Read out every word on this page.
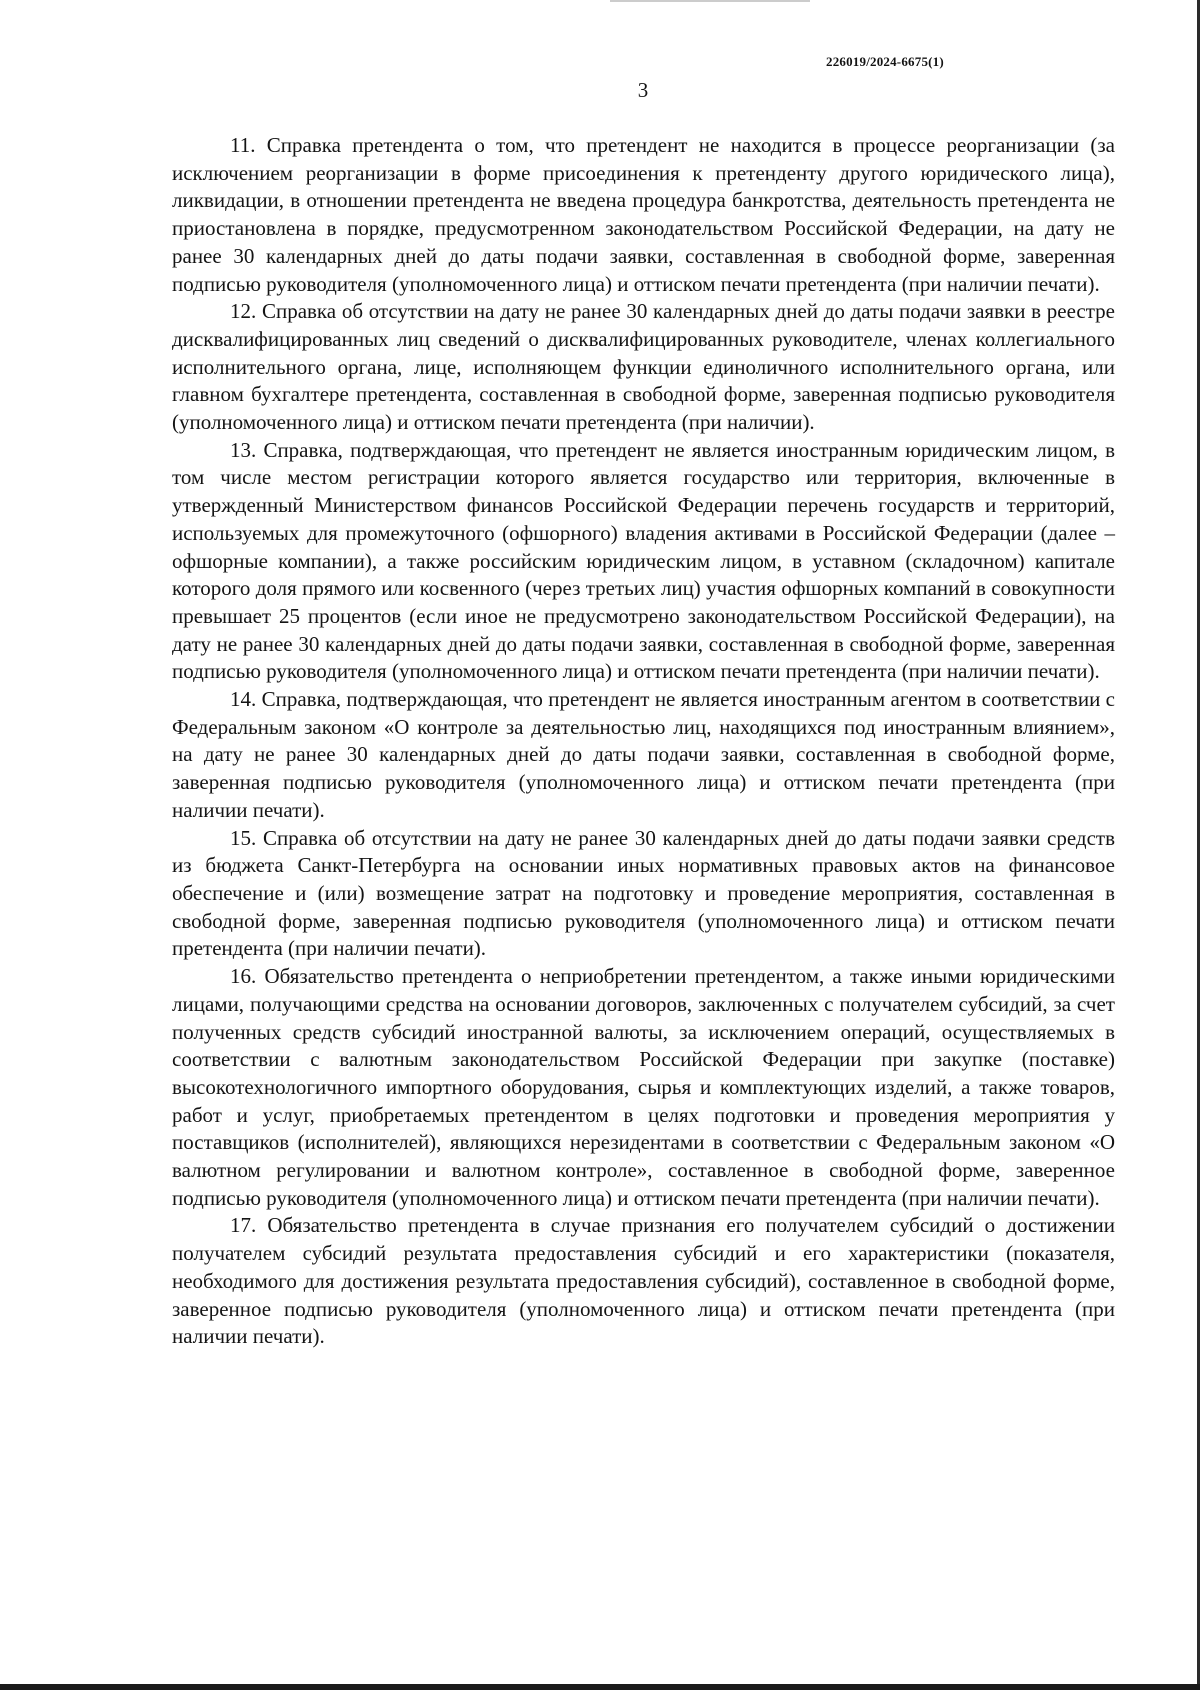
226019/2024-6675(1)
3

11. Справка претендента о том, что претендент не находится в процессе реорганизации (за исключением реорганизации в форме присоединения к претенденту другого юридического лица), ликвидации, в отношении претендента не введена процедура банкротства, деятельность претендента не приостановлена в порядке, предусмотренном законодательством Российской Федерации, на дату не ранее 30 календарных дней до даты подачи заявки, составленная в свободной форме, заверенная подписью руководителя (уполномоченного лица) и оттиском печати претендента (при наличии печати).

12. Справка об отсутствии на дату не ранее 30 календарных дней до даты подачи заявки в реестре дисквалифицированных лиц сведений о дисквалифицированных руководителе, членах коллегиального исполнительного органа, лице, исполняющем функции единоличного исполнительного органа, или главном бухгалтере претендента, составленная в свободной форме, заверенная подписью руководителя (уполномоченного лица) и оттиском печати претендента (при наличии).

13. Справка, подтверждающая, что претендент не является иностранным юридическим лицом, в том числе местом регистрации которого является государство или территория, включенные в утвержденный Министерством финансов Российской Федерации перечень государств и территорий, используемых для промежуточного (офшорного) владения активами в Российской Федерации (далее – офшорные компании), а также российским юридическим лицом, в уставном (складочном) капитале которого доля прямого или косвенного (через третьих лиц) участия офшорных компаний в совокупности превышает 25 процентов (если иное не предусмотрено законодательством Российской Федерации), на дату не ранее 30 календарных дней до даты подачи заявки, составленная в свободной форме, заверенная подписью руководителя (уполномоченного лица) и оттиском печати претендента (при наличии печати).

14. Справка, подтверждающая, что претендент не является иностранным агентом в соответствии с Федеральным законом «О контроле за деятельностью лиц, находящихся под иностранным влиянием», на дату не ранее 30 календарных дней до даты подачи заявки, составленная в свободной форме, заверенная подписью руководителя (уполномоченного лица) и оттиском печати претендента (при наличии печати).

15. Справка об отсутствии на дату не ранее 30 календарных дней до даты подачи заявки средств из бюджета Санкт-Петербурга на основании иных нормативных правовых актов на финансовое обеспечение и (или) возмещение затрат на подготовку и проведение мероприятия, составленная в свободной форме, заверенная подписью руководителя (уполномоченного лица) и оттиском печати претендента (при наличии печати).

16. Обязательство претендента о неприобретении претендентом, а также иными юридическими лицами, получающими средства на основании договоров, заключенных с получателем субсидий, за счет полученных средств субсидий иностранной валюты, за исключением операций, осуществляемых в соответствии с валютным законодательством Российской Федерации при закупке (поставке) высокотехнологичного импортного оборудования, сырья и комплектующих изделий, а также товаров, работ и услуг, приобретаемых претендентом в целях подготовки и проведения мероприятия у поставщиков (исполнителей), являющихся нерезидентами в соответствии с Федеральным законом «О валютном регулировании и валютном контроле», составленное в свободной форме, заверенное подписью руководителя (уполномоченного лица) и оттиском печати претендента (при наличии печати).

17. Обязательство претендента в случае признания его получателем субсидий о достижении получателем субсидий результата предоставления субсидий и его характеристики (показателя, необходимого для достижения результата предоставления субсидий), составленное в свободной форме, заверенное подписью руководителя (уполномоченного лица) и оттиском печати претендента (при наличии печати).
